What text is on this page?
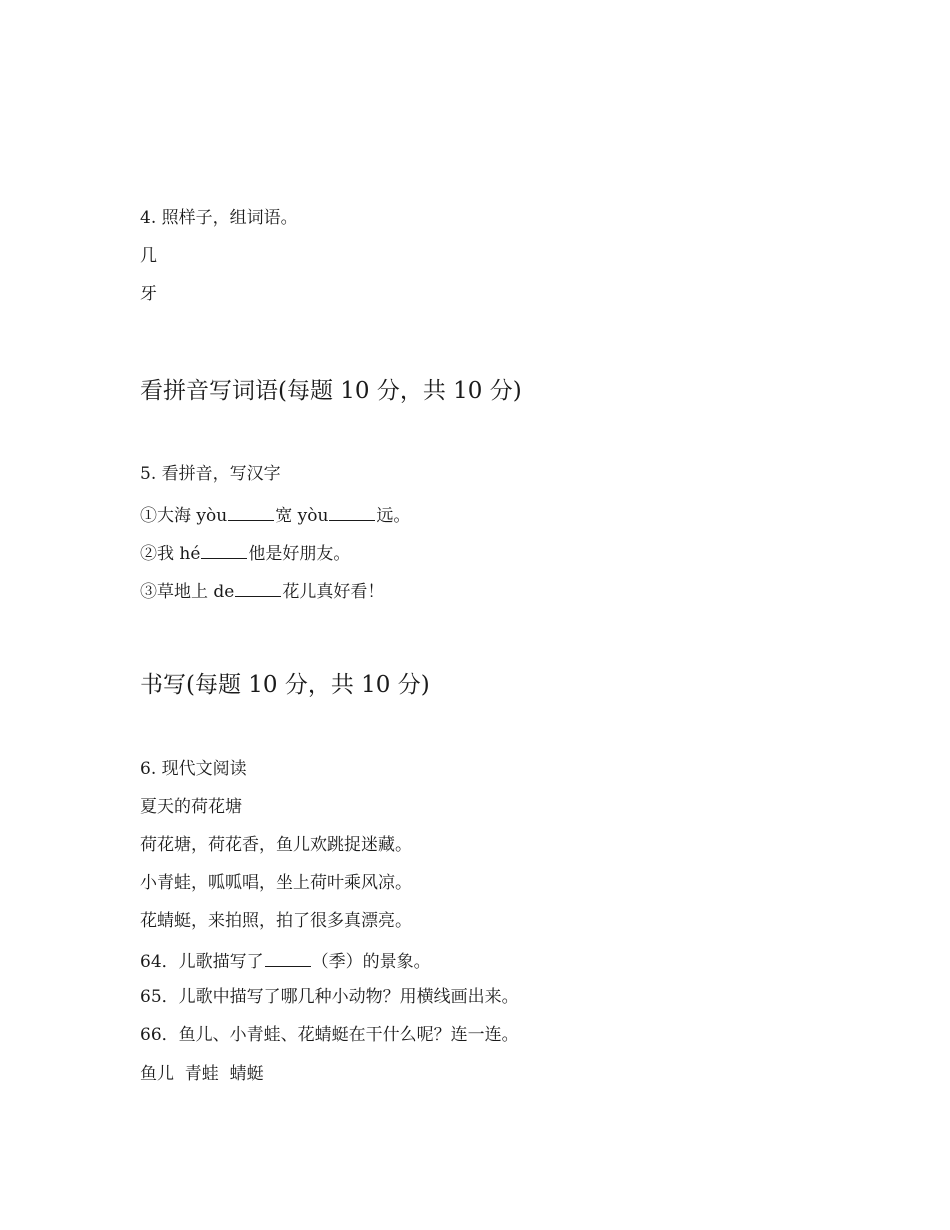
4. 照样子，组词语。
几
牙
看拼音写词语(每题 10 分，共 10 分)
5. 看拼音，写汉字
①大海 yòu	宽 yòu	远。
②我 hé	他是好朋友。
③草地上 de	花儿真好看！
书写(每题 10 分，共 10 分)
6. 现代文阅读
夏天的荷花塘
荷花塘，荷花香，鱼儿欢跳捉迷藏。
小青蛙，呱呱唱，坐上荷叶乘风凉。
花蜻蜓，来拍照，拍了很多真漂亮。
64．儿歌描写了	（季）的景象。
65．儿歌中描写了哪几种小动物？用横线画出来。
66．鱼儿、小青蛙、花蜻蜓在干什么呢？连一连。
鱼儿  青蛙  蜻蜓
